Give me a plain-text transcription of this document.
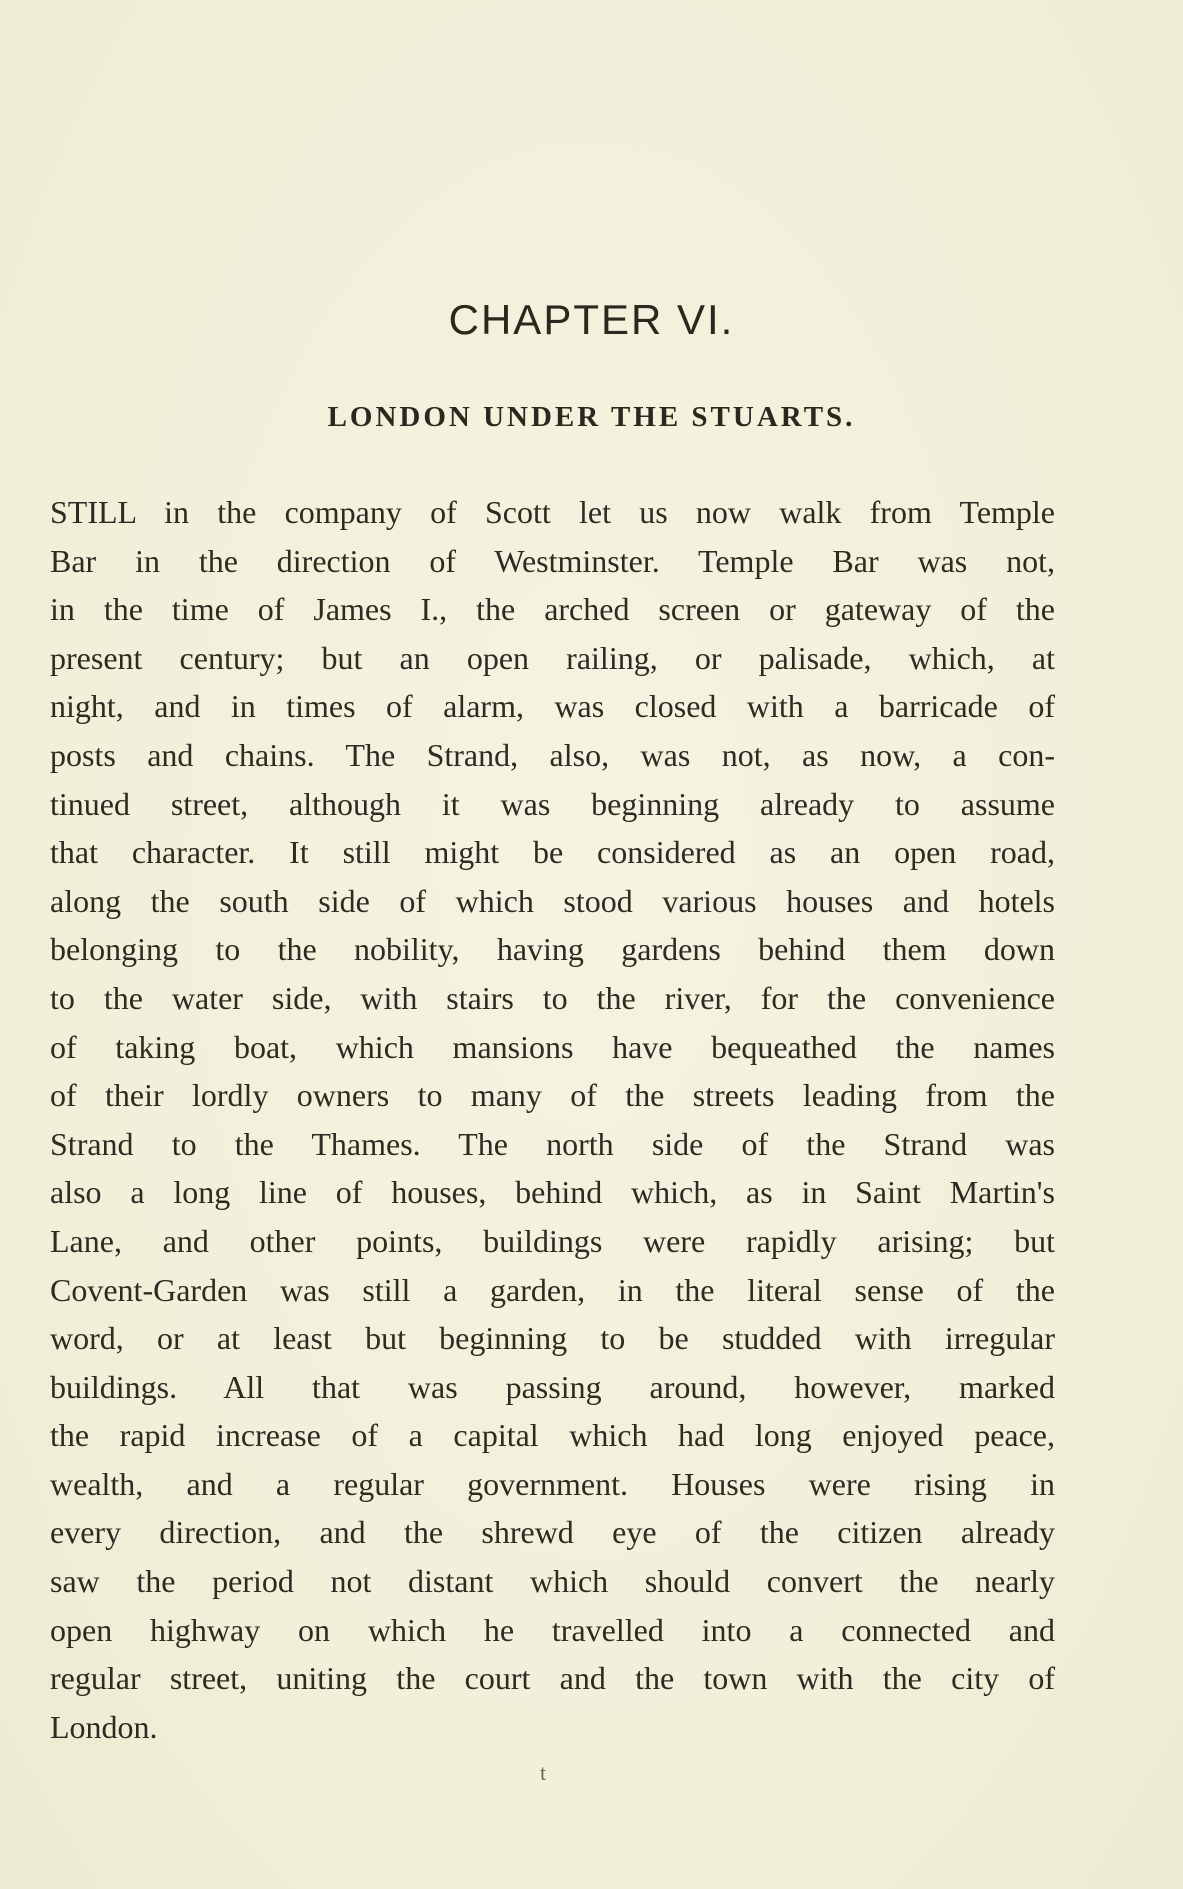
CHAPTER VI.
LONDON UNDER THE STUARTS.
STILL in the company of Scott let us now walk from Temple
Bar in the direction of Westminster. Temple Bar was not,
in the time of James I., the arched screen or gateway of the
present century; but an open railing, or palisade, which, at
night, and in times of alarm, was closed with a barricade of
posts and chains. The Strand, also, was not, as now, a con-
tinued street, although it was beginning already to assume
that character. It still might be considered as an open road,
along the south side of which stood various houses and hotels
belonging to the nobility, having gardens behind them down
to the water side, with stairs to the river, for the convenience
of taking boat, which mansions have bequeathed the names
of their lordly owners to many of the streets leading from the
Strand to the Thames. The north side of the Strand was
also a long line of houses, behind which, as in Saint Martin's
Lane, and other points, buildings were rapidly arising; but
Covent-Garden was still a garden, in the literal sense of the
word, or at least but beginning to be studded with irregular
buildings. All that was passing around, however, marked
the rapid increase of a capital which had long enjoyed peace,
wealth, and a regular government. Houses were rising in
every direction, and the shrewd eye of the citizen already
saw the period not distant which should convert the nearly
open highway on which he travelled into a connected and
regular street, uniting the court and the town with the city of
London.
t
